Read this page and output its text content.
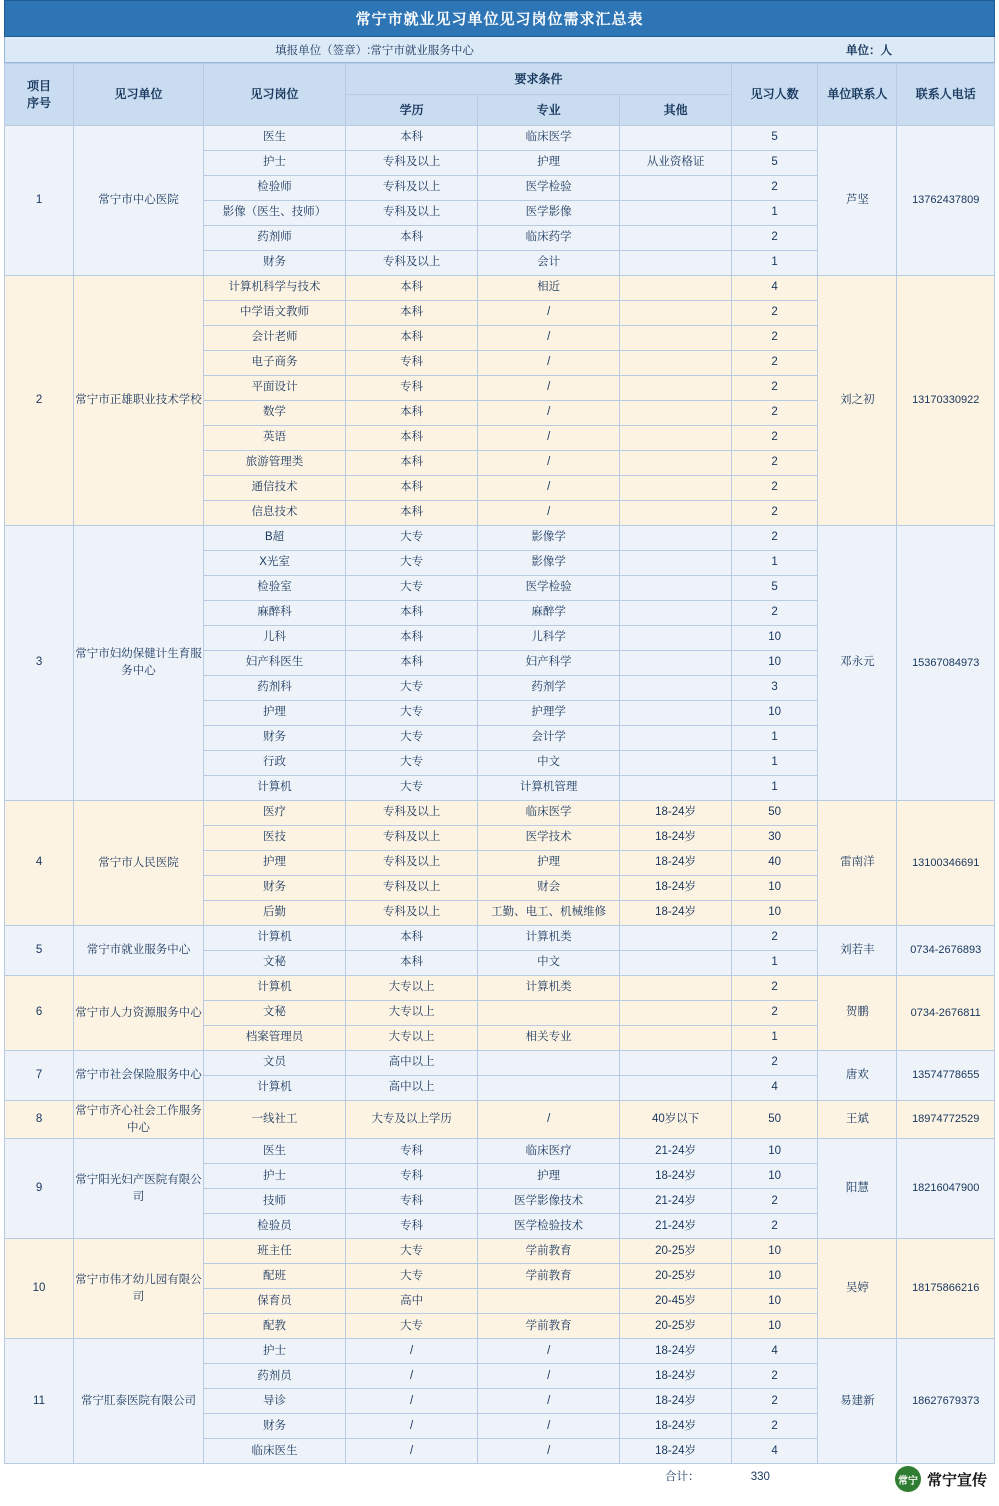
常宁市就业见习单位见习岗位需求汇总表
填报单位（签章）:常宁市就业服务中心	单位：人
项目
序号	见习单位	见习岗位	要求条件			见习人数	单位联系人	联系人电话
			学历	专业	其他			
1	常宁市中心医院	医生	本科	临床医学		5	芦坚	13762437809
		护士	专科及以上	护理	从业资格证	5		
		检验师	专科及以上	医学检验		2		
		影像（医生、技师）	专科及以上	医学影像		1		
		药剂师	本科	临床药学		2		
		财务	专科及以上	会计		1		
2	常宁市正雄职业技术学校	计算机科学与技术	本科	相近		4	刘之初	13170330922
		中学语文教师	本科	/		2		
		会计老师	本科	/		2		
		电子商务	专科	/		2		
		平面设计	专科	/		2		
		数学	本科	/		2		
		英语	本科	/		2		
		旅游管理类	本科	/		2		
		通信技术	本科	/		2		
		信息技术	本科	/		2		
3	常宁市妇幼保健计生育服务中心	B超	大专	影像学		2	邓永元	15367084973
		X光室	大专	影像学		1		
		检验室	大专	医学检验		5		
		麻醉科	本科	麻醉学		2		
		儿科	本科	儿科学		10		
		妇产科医生	本科	妇产科学		10		
		药剂科	大专	药剂学		3		
		护理	大专	护理学		10		
		财务	大专	会计学		1		
		行政	大专	中文		1		
		计算机	大专	计算机管理		1		
4	常宁市人民医院	医疗	专科及以上	临床医学	18-24岁	50	雷南洋	13100346691
		医技	专科及以上	医学技术	18-24岁	30		
		护理	专科及以上	护理	18-24岁	40		
		财务	专科及以上	财会	18-24岁	10		
		后勤	专科及以上	工勤、电工、机械维修	18-24岁	10		
5	常宁市就业服务中心	计算机	本科	计算机类		2	刘若丰	0734-2676893
		文秘	本科	中文		1		
6	常宁市人力资源服务中心	计算机	大专以上	计算机类		2	贺鹏	0734-2676811
		文秘	大专以上			2		
		档案管理员	大专以上	相关专业		1		
7	常宁市社会保险服务中心	文员	高中以上			2	唐欢	13574778655
		计算机	高中以上			4		
8	常宁市齐心社会工作服务中心	一线社工	大专及以上学历	/	40岁以下	50	王斌	18974772529
9	常宁阳光妇产医院有限公司	医生	专科	临床医疗	21-24岁	10	阳慧	18216047900
		护士	专科	护理	18-24岁	10		
		技师	专科	医学影像技术	21-24岁	2		
		检验员	专科	医学检验技术	21-24岁	2		
10	常宁市伟才幼儿园有限公司	班主任	大专	学前教育	20-25岁	10	吴婷	18175866216
		配班	大专	学前教育	20-25岁	10		
		保育员	高中		20-45岁	10		
		配教	大专	学前教育	20-25岁	10		
11	常宁肛泰医院有限公司	护士	/	/	18-24岁	4	易建新	18627679373
		药剂员	/	/	18-24岁	2		
		导诊	/	/	18-24岁	2		
		财务	/	/	18-24岁	2		
		临床医生	/	/	18-24岁	4		
合计：	330	常宁 常宁宣传
